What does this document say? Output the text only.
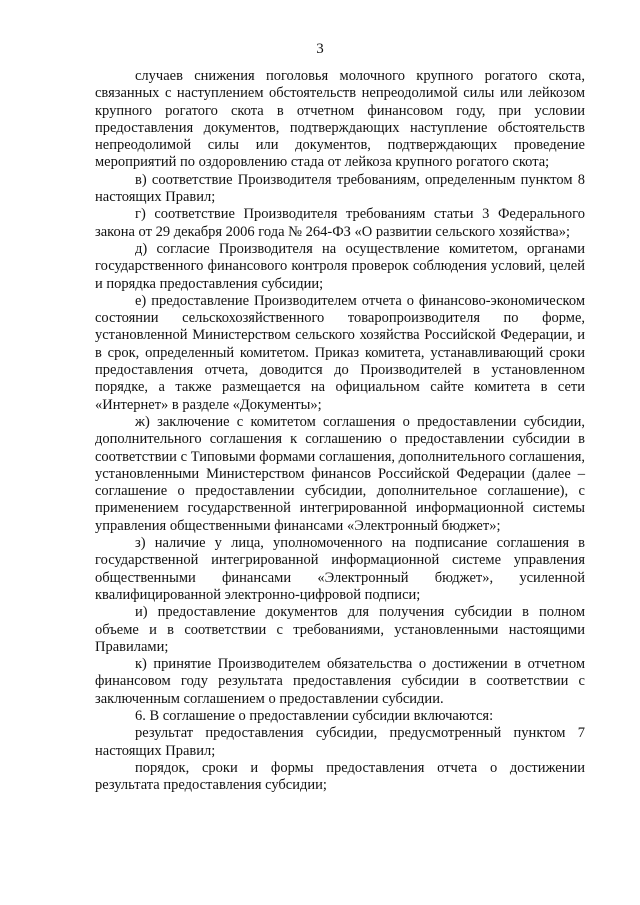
3

случаев снижения поголовья молочного крупного рогатого скота, связанных с наступлением обстоятельств непреодолимой силы или лейкозом крупного рогатого скота в отчетном финансовом году, при условии предоставления документов, подтверждающих наступление обстоятельств непреодолимой силы или документов, подтверждающих проведение мероприятий по оздоровлению стада от лейкоза крупного рогатого скота;

в) соответствие Производителя требованиям, определенным пунктом 8 настоящих Правил;

г) соответствие Производителя требованиям статьи 3 Федерального закона от 29 декабря 2006 года № 264-ФЗ «О развитии сельского хозяйства»;

д) согласие Производителя на осуществление комитетом, органами государственного финансового контроля проверок соблюдения условий, целей и порядка предоставления субсидии;

е) предоставление Производителем отчета о финансово-экономическом состоянии сельскохозяйственного товаропроизводителя по форме, установленной Министерством сельского хозяйства Российской Федерации, и в срок, определенный комитетом. Приказ комитета, устанавливающий сроки предоставления отчета, доводится до Производителей в установленном порядке, а также размещается на официальном сайте комитета в сети «Интернет» в разделе «Документы»;

ж) заключение с комитетом соглашения о предоставлении субсидии, дополнительного соглашения к соглашению о предоставлении субсидии в соответствии с Типовыми формами соглашения, дополнительного соглашения, установленными Министерством финансов Российской Федерации (далее – соглашение о предоставлении субсидии, дополнительное соглашение), с применением государственной интегрированной информационной системы управления общественными финансами «Электронный бюджет»;

з) наличие у лица, уполномоченного на подписание соглашения в государственной интегрированной информационной системе управления общественными финансами «Электронный бюджет», усиленной квалифицированной электронно-цифровой подписи;

и) предоставление документов для получения субсидии в полном объеме и в соответствии с требованиями, установленными настоящими Правилами;

к) принятие Производителем обязательства о достижении в отчетном финансовом году результата предоставления субсидии в соответствии с заключенным соглашением о предоставлении субсидии.

6. В соглашение о предоставлении субсидии включаются:

результат предоставления субсидии, предусмотренный пунктом 7 настоящих Правил;

порядок, сроки и формы предоставления отчета о достижении результата предоставления субсидии;
